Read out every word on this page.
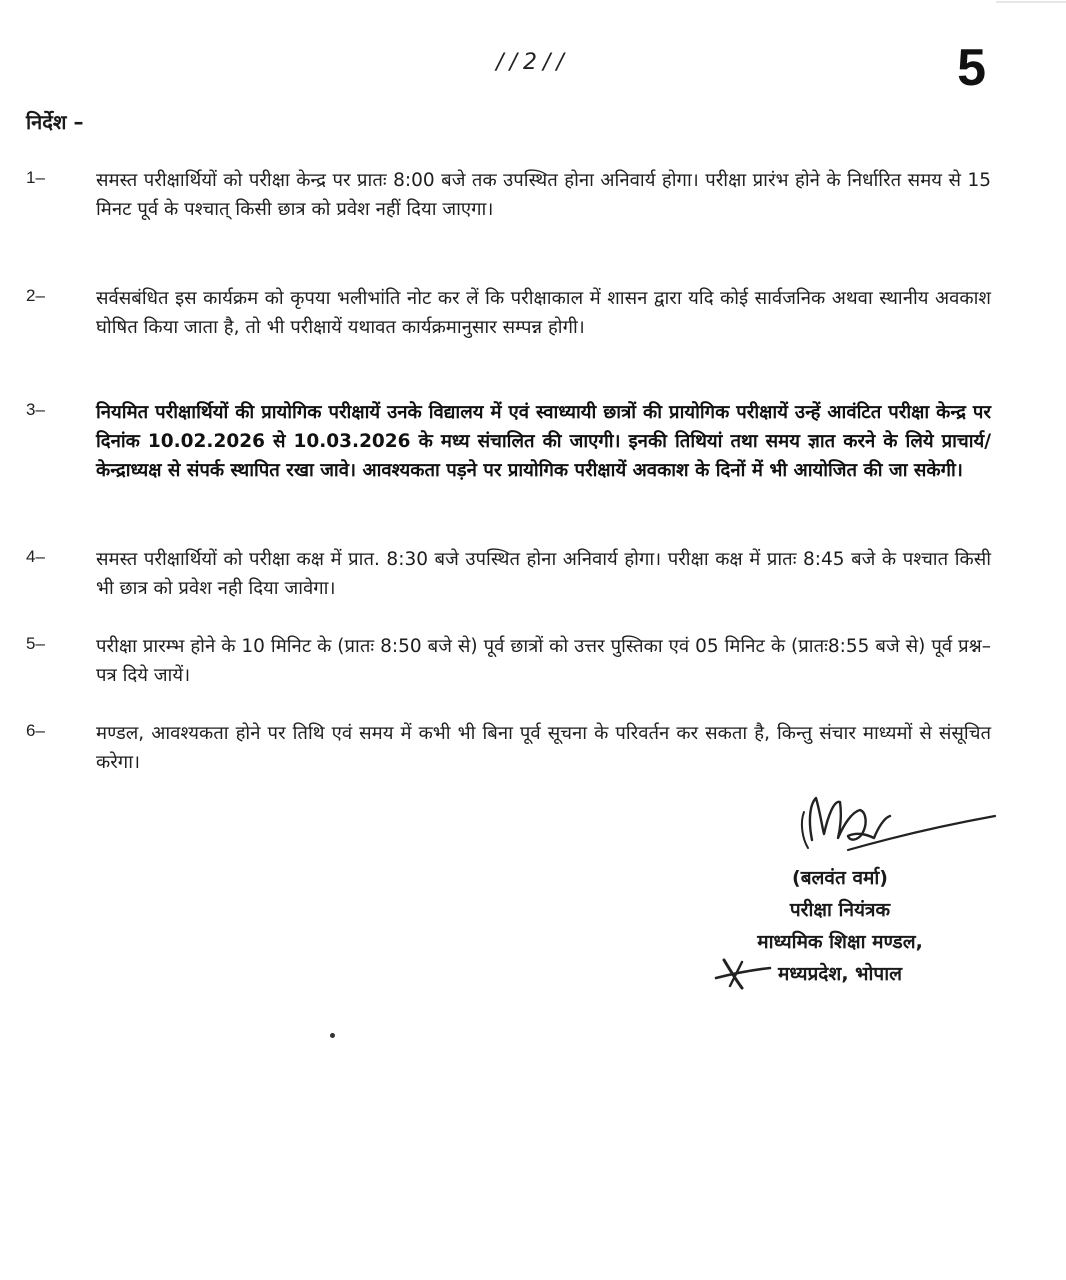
//2//	5
निर्देश –
1–	समस्त परीक्षार्थियों को परीक्षा केन्द्र पर प्रातः 8:00 बजे तक उपस्थित होना अनिवार्य होगा। परीक्षा प्रारंभ होने के निर्धारित समय से 15 मिनट पूर्व के पश्चात् किसी छात्र को प्रवेश नहीं दिया जाएगा।
2–	सर्वसबंधित इस कार्यक्रम को कृपया भलीभांति नोट कर लें कि परीक्षाकाल में शासन द्वारा यदि कोई सार्वजनिक अथवा स्थानीय अवकाश घोषित किया जाता है, तो भी परीक्षायें यथावत कार्यक्रमानुसार सम्पन्न होगी।
3–	नियमित परीक्षार्थियों की प्रायोगिक परीक्षायें उनके विद्यालय में एवं स्वाध्यायी छात्रों की प्रायोगिक परीक्षायें उन्हें आवंटित परीक्षा केन्द्र पर दिनांक 10.02.2026 से 10.03.2026 के मध्य संचालित की जाएगी। इनकी तिथियां तथा समय ज्ञात करने के लिये प्राचार्य/केन्द्राध्यक्ष से संपर्क स्थापित रखा जावे। आवश्यकता पड़ने पर प्रायोगिक परीक्षायें अवकाश के दिनों में भी आयोजित की जा सकेगी।
4–	समस्त परीक्षार्थियों को परीक्षा कक्ष में प्रात. 8:30 बजे उपस्थित होना अनिवार्य होगा। परीक्षा कक्ष में प्रातः 8:45 बजे के पश्चात किसी भी छात्र को प्रवेश नही दिया जावेगा।
5–	परीक्षा प्रारम्भ होने के 10 मिनिट के (प्रातः 8:50 बजे से) पूर्व छात्रों को उत्तर पुस्तिका एवं 05 मिनिट के (प्रातः8:55 बजे से) पूर्व प्रश्न–पत्र दिये जायें।
6–	मण्डल, आवश्यकता होने पर तिथि एवं समय में कभी भी बिना पूर्व सूचना के परिवर्तन कर सकता है, किन्तु संचार माध्यमों से संसूचित करेगा।
(बलवंत वर्मा)
परीक्षा नियंत्रक
माध्यमिक शिक्षा मण्डल,
मध्यप्रदेश, भोपाल
